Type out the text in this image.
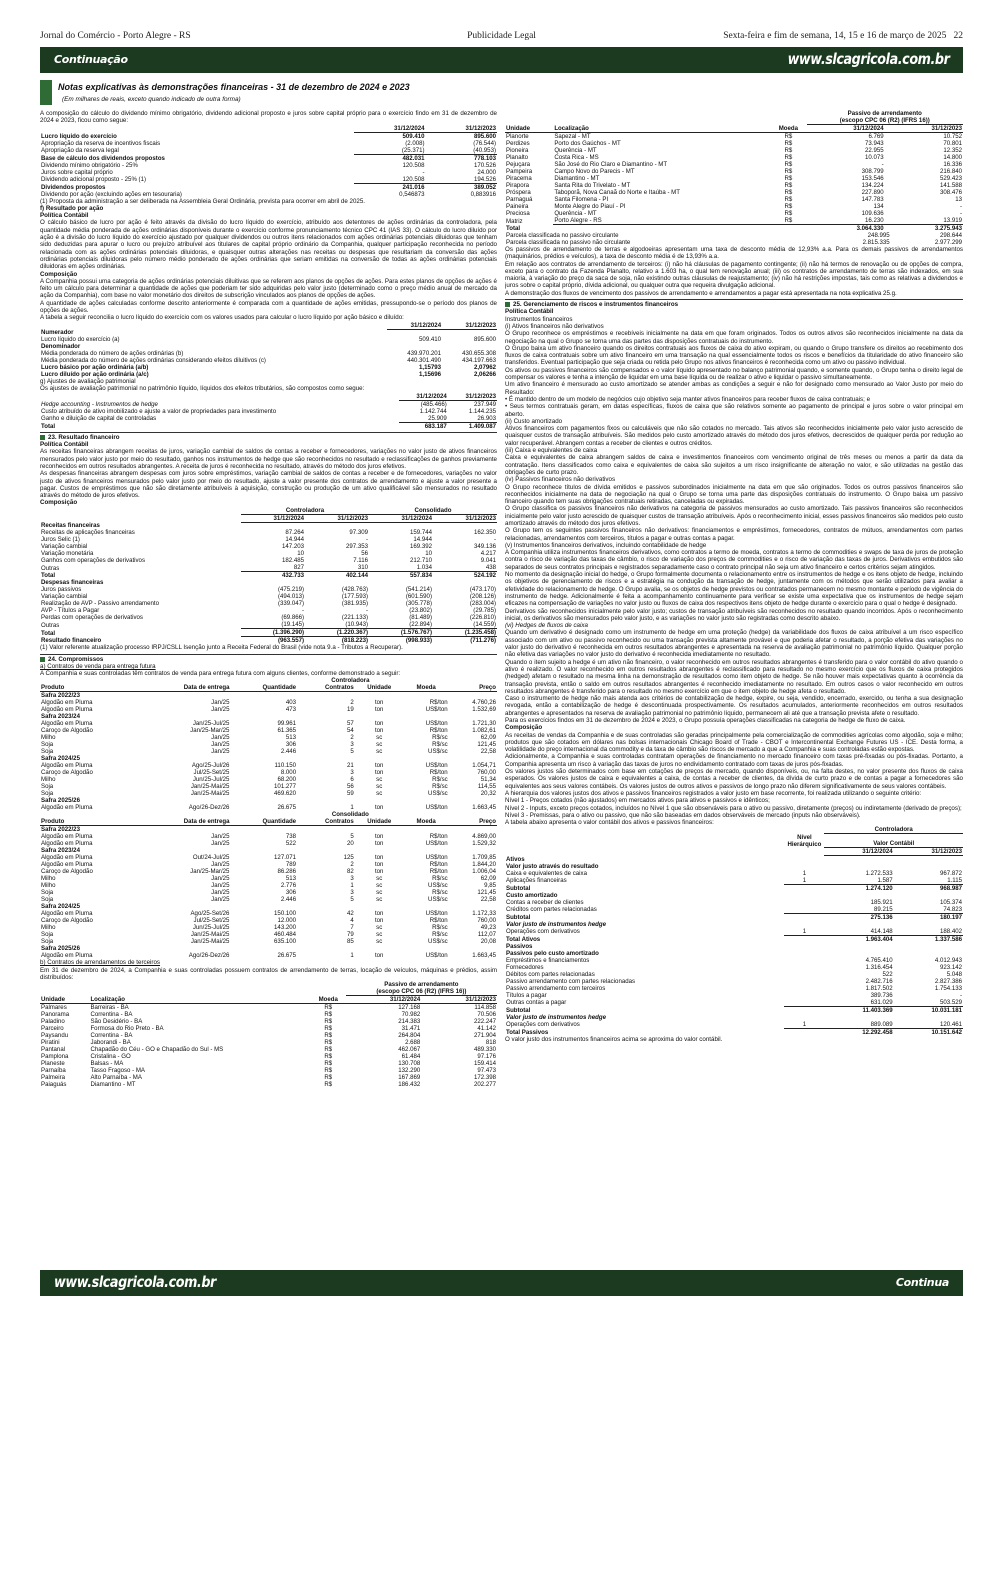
Jornal do Comércio - Porto Alegre - RS	Publicidade Legal	Sexta-feira e fim de semana, 14, 15 e 16 de março de 2025 22
Continuação	www.slcagricola.com.br
Notas explicativas às demonstrações financeiras - 31 de dezembro de 2024 e 2023
(Em milhares de reais, exceto quando indicado de outra forma)

A composição do cálculo do dividendo mínimo obrigatório, dividendo adicional proposto e juros sobre capital próprio para o exercício findo em 31 de dezembro de 2024 e 2023, ficou como segue:

	31/12/2024	31/12/2023
Lucro líquido do exercício	509.410	895.600
Apropriação da reserva de incentivos fiscais	(2.008)	(76.544)
Apropriação da reserva legal	(25.371)	(40.953)
Base de cálculo dos dividendos propostos	482.031	778.103
Dividendo mínimo obrigatório - 25%	120.508	170.526
Juros sobre capital próprio	-	24.000
Dividendo adicional proposto - 25% (1)	120.508	194.526
Dividendos propostos	241.016	389.052
Dividendo por ação (excluindo ações em tesouraria)	0,546873	0,883916

(1) Proposta da administração a ser deliberada na Assembleia Geral Ordinária, prevista para ocorrer em abril de 2025.

f) Resultado por ação

Política Contábil

O cálculo básico de lucro por ação é feito através da divisão do lucro líquido do exercício, atribuído aos detentores de ações ordinárias da controladora, pela quantidade média ponderada de ações ordinárias disponíveis durante o exercício conforme pronunciamento técnico CPC 41 (IAS 33). O cálculo do lucro diluído por ação é a divisão do lucro líquido do exercício ajustado por qualquer dividendos ou outros itens relacionados com ações ordinárias potenciais diluidoras que tenham sido deduzidas para apurar o lucro ou prejuízo atribuível aos titulares de capital próprio ordinário da Companhia, qualquer participação reconhecida no período relacionada com as ações ordinárias potenciais diluidoras, e quaisquer outras alterações nas receitas ou despesas que resultariam da conversão das ações ordinárias potenciais diluidoras pelo número médio ponderado de ações ordinárias que seriam emitidas na conversão de todas as ações ordinárias potenciais diluidoras em ações ordinárias.

Composição

A Companhia possui uma categoria de ações ordinárias potenciais diluitivas que se referem aos planos de opções de ações. Para estes planos de opções de ações é feito um cálculo para determinar a quantidade de ações que poderiam ter sido adquiridas pelo valor justo (determinado como o preço médio anual de mercado da ação da Companhia), com base no valor monetário dos direitos de subscrição vinculados aos planos de opções de ações.

A quantidade de ações calculadas conforme descrito anteriormente é comparada com a quantidade de ações emitidas, pressupondo-se o período dos planos de opções de ações.

A tabela a seguir reconcilia o lucro líquido do exercício com os valores usados para calcular o lucro líquido por ação básico e diluído:

	31/12/2024	31/12/2023
Numerador		
Lucro líquido do exercício (a)	509.410	895.600
Denominador		
Média ponderada do número de ações ordinárias (b)	439.970.201	430.655.308
Média ponderada do número de ações ordinárias considerando efeitos diluitivos (c)	440.301.490	434.197.663
Lucro básico por ação ordinária (a/b)	1,15793	2,07962
Lucro diluído por ação ordinária (a/c)	1,15696	2,06266

g) Ajustes de avaliação patrimonial

Os ajustes de avaliação patrimonial no patrimônio líquido, líquidos dos efeitos tributários, são compostos como segue:

	31/12/2024	31/12/2023
Hedge accounting - Instrumentos de hedge	(485.466)	237.949
Custo atribuído de ativo imobilizado e ajuste a valor de propriedades para investimento	1.142.744	1.144.235
Ganho e diluição de capital de controladas	25.909	26.903
Total	683.187	1.409.087
23. Resultado financeiro

Política Contábil

As receitas financeiras abrangem receitas de juros, variação cambial de saldos de contas a receber e fornecedores, variações no valor justo de ativos financeiros mensurados pelo valor justo por meio do resultado, ganhos nos instrumentos de hedge que são reconhecidos no resultado e reclassificações de ganhos previamente reconhecidos em outros resultados abrangentes. A receita de juros é reconhecida no resultado, através do método dos juros efetivos.

As despesas financeiras abrangem despesas com juros sobre empréstimos, variação cambial de saldos de contas a receber e de fornecedores, variações no valor justo de ativos financeiros mensurados pelo valor justo por meio do resultado, ajuste a valor presente dos contratos de arrendamento e ajuste a valor presente a pagar. Custos de empréstimos que não são diretamente atribuíveis à aquisição, construção ou produção de um ativo qualificável são mensurados no resultado através do método de juros efetivos.

Composição

	Controladora		Consolidado	
	31/12/2024	31/12/2023	31/12/2024	31/12/2023
Receitas financeiras				
Receitas de aplicações financeiras	87.264	97.309	159.744	162.350
Juros Selic (1)	14.944	-	14.944	-
Variação cambial	147.203	297.353	169.392	349.136
Variação monetária	10	56	10	4.217
Ganhos com operações de derivativos	182.485	7.116	212.710	9.041
Outras	827	310	1.034	438
Total	432.733	402.144	557.834	524.192
Despesas financeiras				
Juros passivos	(475.219)	(428.763)	(541.214)	(473.170)
Variação cambial	(494.013)	(177.593)	(601.590)	(208.126)
Realização de AVP - Passivo arrendamento	(339.047)	(381.935)	(305.778)	(283.004)
AVP - Títulos a Pagar	-	-	(23.802)	(29.785)
Perdas com operações de derivativos	(69.866)	(221.133)	(81.489)	(226.810)
Outras	(19.145)	(10.943)	(22.894)	(14.559)
Total	(1.396.290)	(1.220.367)	(1.576.767)	(1.235.458)
Resultado financeiro	(963.557)	(818.223)	(998.933)	(711.276)

(1) Valor referente atualização processo IRPJ/CSLL Isenção junto a Receita Federal do Brasil (vide nota 9.a - Tributos a Recuperar).

24. Compromissos

a) Contratos de venda para entrega futura

A Companhia e suas controladas têm contratos de venda para entrega futura com alguns clientes, conforme demonstrado a seguir:

			Controladora			
Produto	Data de entrega	Quantidade	Contratos	Unidade	Moeda	Preço
Safra 2022/23						
Algodão em Pluma	Jan/25	403	2	ton	R$/ton	4.760,26
Algodão em Pluma	Jan/25	473	19	ton	US$/ton	1.532,69
Safra 2023/24						
Algodão em Pluma	Jan/25-Jul/25	99.961	57	ton	US$/ton	1.721,30
Caroço de Algodão	Jan/25-Mar/25	61.365	54	ton	R$/ton	1.082,61
Milho	Jan/25	513	2	sc	R$/sc	62,09
Soja	Jan/25	306	3	sc	R$/sc	121,45
Soja	Jan/25	2.446	5	sc	US$/sc	22,58
Safra 2024/25						
Algodão em Pluma	Ago/25-Jul/26	110.150	21	ton	US$/ton	1.054,71
Caroço de Algodão	Jul/25-Set/25	8.000	3	ton	R$/ton	760,00
Milho	Jun/25-Jul/25	68.200	6	sc	R$/sc	51,34
Soja	Jan/25-Mai/25	101.277	56	sc	R$/sc	114,55
Soja	Jan/25-Mai/25	469.620	59	sc	US$/sc	20,32
Safra 2025/26						
Algodão em Pluma	Ago/26-Dez/26	26.675	1	ton	US$/ton	1.663,45
			Consolidado			
Produto	Data de entrega	Quantidade	Contratos	Unidade	Moeda	Preço
Safra 2022/23						
Algodão em Pluma	Jan/25	738	5	ton	R$/ton	4.869,00
Algodão em Pluma	Jan/25	522	20	ton	US$/ton	1.529,32
Safra 2023/24						
Algodão em Pluma	Out/24-Jul/25	127.071	125	ton	US$/ton	1.709,85
Algodão em Pluma	Jan/25	789	2	ton	R$/ton	1.844,20
Caroço de Algodão	Jan/25-Mar/25	86.286	82	ton	R$/ton	1.006,04
Milho	Jan/25	513	3	sc	R$/sc	62,09
Milho	Jan/25	2.776	1	sc	US$/sc	9,85
Soja	Jan/25	306	3	sc	R$/sc	121,45
Soja	Jan/25	2.446	5	sc	US$/sc	22,58
Safra 2024/25						
Algodão em Pluma	Ago/25-Set/26	150.100	42	ton	US$/ton	1.172,33
Caroço de Algodão	Jul/25-Set/25	12.000	4	ton	R$/ton	760,00
Milho	Jun/25-Jul/25	143.200	7	sc	R$/sc	49,23
Soja	Jan/25-Mai/25	460.484	79	sc	R$/sc	112,07
Soja	Jan/25-Mai/25	635.100	85	sc	US$/sc	20,08
Safra 2025/26						
Algodão em Pluma	Ago/26-Dez/26	26.675	1	ton	US$/ton	1.663,45

b) Contratos de arrendamentos de terceiros

Em 31 de dezembro de 2024, a Companhia e suas controladas possuem contratos de arrendamento de terras, locação de veículos, máquinas e prédios, assim distribuídos:

			Passivo de arrendamento	
			(escopo CPC 06 (R2) (IFRS 16))	
Unidade	Localização	Moeda	31/12/2024	31/12/2023
Palmares	Barreiras - BA	R$	127.168	114.858
Panorama	Correntina - BA	R$	70.982	70.506
Paladino	São Desidério - BA	R$	214.383	222.247
Parceiro	Formosa do Rio Preto - BA	R$	31.471	41.142
Paysandu	Correntina - BA	R$	264.804	271.904
Piratini	Jaborandi - BA	R$	2.688	818
Pantanal	Chapadão do Céu - GO e Chapadão do Sul - MS	R$	462.067	489.330
Pamplona	Cristalina - GO	R$	61.484	97.176
Planeste	Balsas - MA	R$	130.708	159.414
Parnaíba	Tasso Fragoso - MA	R$	132.290	97.473
Palmeira	Alto Parnaíba - MA	R$	167.869	172.398
Paiaguás	Diamantino - MT	R$	186.432	202.277
			Passivo de arrendamento	
			(escopo CPC 06 (R2) (IFRS 16))	
Unidade	Localização	Moeda	31/12/2024	31/12/2023
Planorte	Sapezal - MT	R$	6.769	10.752
Perdizes	Porto dos Gaúchos - MT	R$	73.943	70.801
Pioneira	Querência - MT	R$	22.955	12.352
Planalto	Costa Rica - MS	R$	10.073	14.800
Pejuçara	São José do Rio Claro e Diamantino - MT	R$	-	16.336
Pampeira	Campo Novo do Parecis - MT	R$	308.799	216.840
Piracema	Diamantino - MT	R$	153.546	529.423
Pirapora	Santa Rita do Trivelato - MT	R$	134.224	141.588
Próspera	Taboporã, Nova Canaã do Norte e Itaúba - MT	R$	227.890	308.476
Parnaguá	Santa Filomena - PI	R$	147.783	13
Paineira	Monte Alegre do Piauí - PI	R$	134	-
Preciosa	Querência - MT	R$	109.636	-
Matriz	Porto Alegre - RS	R$	16.230	13.919
Total			3.064.330	3.275.943
Parcela classificada no passivo circulante	248.995	298.644
Parcela classificada no passivo não circulante	2.815.335	2.977.299

Os passivos de arrendamento de terras e algodoeiras apresentam uma taxa de desconto média de 12,93% a.a. Para os demais passivos de arrendamentos (maquinários, prédios e veículos), a taxa de desconto média é de 13,93% a.a.

Em relação aos contratos de arrendamento de terceiros: (i) não há cláusulas de pagamento contingente; (ii) não há termos de renovação ou de opções de compra, exceto para o contrato da Fazenda Planalto, relativo a 1.603 ha, o qual tem renovação anual; (iii) os contratos de arrendamento de terras são indexados, em sua maioria, à variação do preço da saca de soja, não existindo outras cláusulas de reajustamento; (iv) não há restrições impostas, tais como as relativas a dividendos e juros sobre o capital próprio, dívida adicional, ou qualquer outra que requeira divulgação adicional.

A demonstração dos fluxos de vencimento dos passivos de arrendamento e arrendamentos a pagar está apresentada na nota explicativa 25.g.

25. Gerenciamento de riscos e instrumentos financeiros

Política Contábil

Instrumentos financeiros

(i) Ativos financeiros não derivativos

O Grupo reconhece os empréstimos e recebíveis inicialmente na data em que foram originados. Todos os outros ativos são reconhecidos inicialmente na data da negociação na qual o Grupo se torna uma das partes das disposições contratuais do instrumento.

O Grupo baixa um ativo financeiro quando os direitos contratuais aos fluxos de caixa do ativo expiram, ou quando o Grupo transfere os direitos ao recebimento dos fluxos de caixa contratuais sobre um ativo financeiro em uma transação na qual essencialmente todos os riscos e benefícios da titularidade do ativo financeiro são transferidos. Eventual participação que seja criada ou retida pelo Grupo nos ativos financeiros é reconhecida como um ativo ou passivo individual.

Os ativos ou passivos financeiros são compensados e o valor líquido apresentado no balanço patrimonial quando, e somente quando, o Grupo tenha o direito legal de compensar os valores e tenha a intenção de liquidar em uma base líquida ou de realizar o ativo e liquidar o passivo simultaneamente.

Um ativo financeiro é mensurado ao custo amortizado se atender ambas as condições a seguir e não for designado como mensurado ao Valor Justo por meio do Resultado:

• É mantido dentro de um modelo de negócios cujo objetivo seja manter ativos financeiros para receber fluxos de caixa contratuais; e

• Seus termos contratuais geram, em datas específicas, fluxos de caixa que são relativos somente ao pagamento de principal e juros sobre o valor principal em aberto.

(ii) Custo amortizado

Ativos financeiros com pagamentos fixos ou calculáveis que não são cotados no mercado. Tais ativos são reconhecidos inicialmente pelo valor justo acrescido de quaisquer custos de transação atribuíveis. São medidos pelo custo amortizado através do método dos juros efetivos, decrescidos de qualquer perda por redução ao valor recuperável. Abrangem contas a receber de clientes e outros créditos.

(iii) Caixa e equivalentes de caixa

Caixa e equivalentes de caixa abrangem saldos de caixa e investimentos financeiros com vencimento original de três meses ou menos a partir da data da contratação. Itens classificados como caixa e equivalentes de caixa são sujeitos a um risco insignificante de alteração no valor, e são utilizadas na gestão das obrigações de curto prazo.

(iv) Passivos financeiros não derivativos

O Grupo reconhece títulos de dívida emitidos e passivos subordinados inicialmente na data em que são originados. Todos os outros passivos financeiros são reconhecidos inicialmente na data de negociação na qual o Grupo se torna uma parte das disposições contratuais do instrumento. O Grupo baixa um passivo financeiro quando tem suas obrigações contratuais retiradas, canceladas ou expiradas.

O Grupo classifica os passivos financeiros não derivativos na categoria de passivos mensurados ao custo amortizado. Tais passivos financeiros são reconhecidos inicialmente pelo valor justo acrescido de quaisquer custos de transação atribuíveis. Após o reconhecimento inicial, esses passivos financeiros são medidos pelo custo amortizado através do método dos juros efetivos.

O Grupo tem os seguintes passivos financeiros não derivativos: financiamentos e empréstimos, fornecedores, contratos de mútuos, arrendamentos com partes relacionadas, arrendamentos com terceiros, títulos a pagar e outras contas a pagar.

(v) Instrumentos financeiros derivativos, incluindo contabilidade de hedge

A Companhia utiliza instrumentos financeiros derivativos, como contratos a termo de moeda, contratos a termo de commodities e swaps de taxa de juros de proteção contra o risco de variação das taxas de câmbio, o risco de variação dos preços de commodities e o risco de variação das taxas de juros. Derivativos embutidos são separados de seus contratos principais e registrados separadamente caso o contrato principal não seja um ativo financeiro e certos critérios sejam atingidos.

No momento da designação inicial do hedge, o Grupo formalmente documenta o relacionamento entre os instrumentos de hedge e os itens objeto de hedge, incluindo os objetivos de gerenciamento de riscos e a estratégia na condução da transação de hedge, juntamente com os métodos que serão utilizados para avaliar a efetividade do relacionamento de hedge. O Grupo avalia, se os objetos de hedge previstos ou contratados permanecem no mesmo montante e período de vigência do instrumento de hedge. Adicionalmente é feita a acompanhamento continuamente para verificar se existe uma expectativa que os instrumentos de hedge sejam eficazes na compensação de variações no valor justo ou fluxos de caixa dos respectivos itens objeto de hedge durante o exercício para o qual o hedge é designado.

Derivativos são reconhecidos inicialmente pelo valor justo; custos de transação atribuíveis são reconhecidos no resultado quando incorridos. Após o reconhecimento inicial, os derivativos são mensurados pelo valor justo, e as variações no valor justo são registradas como descrito abaixo.

(vi) Hedges de fluxos de caixa

Quando um derivativo é designado como um instrumento de hedge em uma proteção (hedge) da variabilidade dos fluxos de caixa atribuível a um risco específico associado com um ativo ou passivo reconhecido ou uma transação prevista altamente provável e que poderia afetar o resultado, a porção efetiva das variações no valor justo do derivativo é reconhecida em outros resultados abrangentes e apresentada na reserva de avaliação patrimonial no patrimônio líquido. Qualquer porção não efetiva das variações no valor justo do derivativo é reconhecida imediatamente no resultado.

Quando o item sujeito a hedge é um ativo não financeiro, o valor reconhecido em outros resultados abrangentes é transferido para o valor contábil do ativo quando o ativo é realizado. O valor reconhecido em outros resultados abrangentes é reclassificado para resultado no mesmo exercício que os fluxos de caixa protegidos (hedged) afetam o resultado na mesma linha na demonstração de resultados como item objeto de hedge. Se não houver mais expectativas quanto à ocorrência da transação prevista, então o saldo em outros resultados abrangentes é reconhecido imediatamente no resultado. Em outros casos o valor reconhecido em outros resultados abrangentes é transferido para o resultado no mesmo exercício em que o item objeto de hedge afeta o resultado.

Caso o instrumento de hedge não mais atenda aos critérios de contabilização de hedge, expire, ou seja, vendido, encerrado, exercido, ou tenha a sua designação revogada, então a contabilização de hedge é descontinuada prospectivamente. Os resultados acumulados, anteriormente reconhecidos em outros resultados abrangentes e apresentados na reserva de avaliação patrimonial no patrimônio líquido, permanecem ali até que a transação prevista afete o resultado.

Para os exercícios findos em 31 de dezembro de 2024 e 2023, o Grupo possuía operações classificadas na categoria de hedge de fluxo de caixa.

Composição

As receitas de vendas da Companhia e de suas controladas são geradas principalmente pela comercialização de commodities agrícolas como algodão, soja e milho; produtos que são cotados em dólares nas bolsas internacionais Chicago Board of Trade - CBOT e Intercontinental Exchange Futures US - ICE. Desta forma, a volatilidade do preço internacional da commodity e da taxa de câmbio são riscos de mercado a que a Companhia e suas controladas estão expostas.

Adicionalmente, a Companhia e suas controladas contratam operações de financiamento no mercado financeiro com taxas pré-fixadas ou pós-fixadas. Portanto, a Companhia apresenta um risco à variação das taxas de juros no endividamento contratado com taxas de juros pós-fixadas.

Os valores justos são determinados com base em cotações de preços de mercado, quando disponíveis, ou, na falta destes, no valor presente dos fluxos de caixa esperados. Os valores justos de caixa e equivalentes a caixa, de contas a receber de clientes, da dívida de curto prazo e de contas a pagar a fornecedores são equivalentes aos seus valores contábeis. Os valores justos de outros ativos e passivos de longo prazo não diferem significativamente de seus valores contábeis.

A hierarquia dos valores justos dos ativos e passivos financeiros registrados a valor justo em base recorrente, foi realizada utilizando o seguinte critério:

Nível 1 - Preços cotados (não ajustados) em mercados ativos para ativos e passivos e idênticos;

Nível 2 - Inputs, exceto preços cotados, incluídos no Nível 1 que são observáveis para o ativo ou passivo, diretamente (preços) ou indiretamente (derivado de preços);

Nível 3 - Premissas, para o ativo ou passivo, que não são baseadas em dados observáveis de mercado (inputs não observáveis).

A tabela abaixo apresenta o valor contábil dos ativos e passivos financeiros:

		Controladora	
	Nível Hierárquico	Valor Contábil	
		31/12/2024	31/12/2023
Ativos			
Valor justo através do resultado			
Caixa e equivalentes de caixa	1	1.272.533	967.872
Aplicações financeiras	1	1.587	1.115
Subtotal		1.274.120	968.987
Custo amortizado			
Contas a receber de clientes		185.921	105.374
Créditos com partes relacionadas		89.215	74.823
Subtotal		275.136	180.197
Valor justo de instrumentos hedge			
Operações com derivativos	1	414.148	188.402
Total Ativos		1.963.404	1.337.586
Passivos			
Passivos pelo custo amortizado			
Empréstimos e financiamentos		4.765.410	4.012.943
Fornecedores		1.316.454	923.142
Débitos com partes relacionadas		522	5.048
Passivo arrendamento com partes relacionadas		2.482.716	2.827.386
Passivo arrendamento com terceiros		1.817.502	1.754.133
Títulos a pagar		389.736	-
Outras contas a pagar		631.029	503.529
Subtotal		11.403.369	10.031.181
Valor justo de instrumentos hedge			
Operações com derivativos	1	889.089	120.461
Total Passivos		12.292.458	10.151.642

O valor justo dos instrumentos financeiros acima se aproxima do valor contábil.

www.slcagricola.com.br	Continua
